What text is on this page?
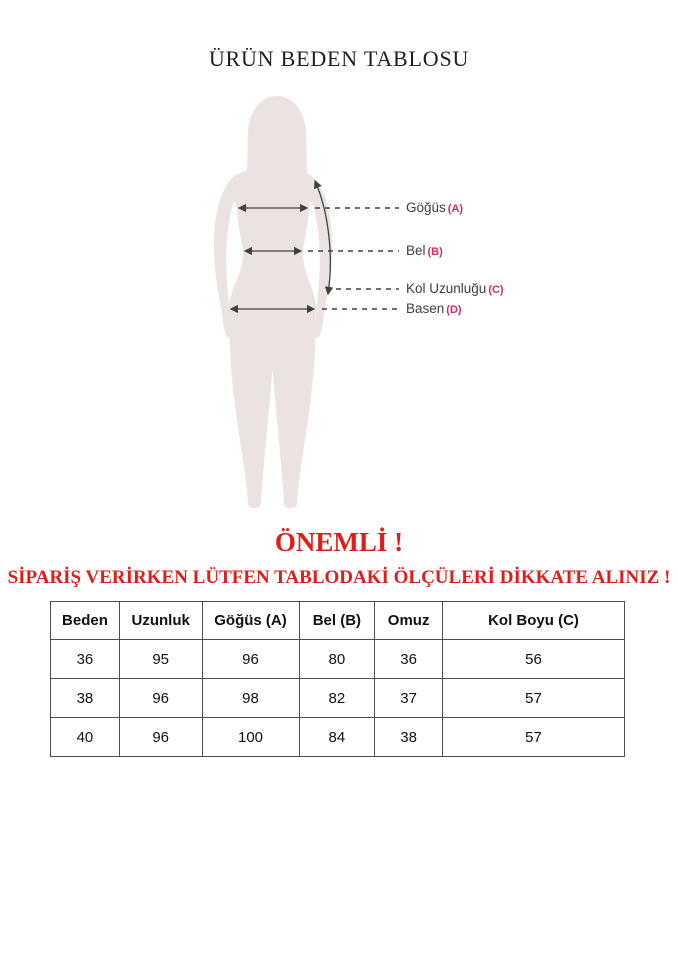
ÜRÜN BEDEN TABLOSU
Göğüs (A)
Bel (B)
Kol Uzunluğu (C)
Basen (D)
ÖNEMLİ !
SİPARİŞ VERİRKEN LÜTFEN TABLODAKİ ÖLÇÜLERİ DİKKATE ALINIZ !
Beden	Uzunluk	Göğüs (A)	Bel (B)	Omuz	Kol Boyu (C)
36	95	96	80	36	56
38	96	98	82	37	57
40	96	100	84	38	57
